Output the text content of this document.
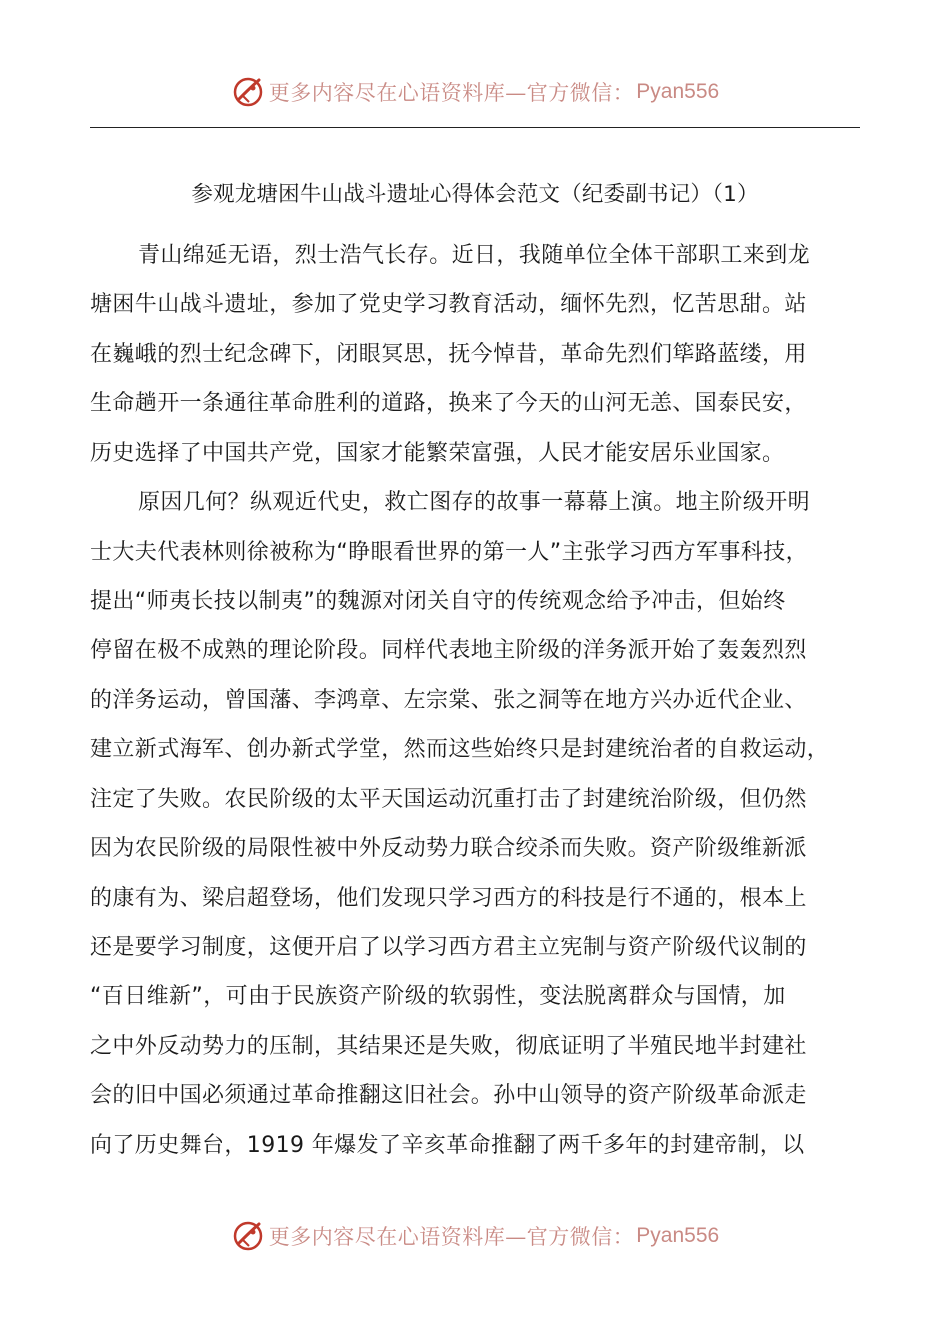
更多内容尽在心语资料库—官方微信： Pyan556
参观龙塘困牛山战斗遗址心得体会范文（纪委副书记）（1）
青山绵延无语，烈士浩气长存。近日，我随单位全体干部职工来到龙
塘困牛山战斗遗址，参加了党史学习教育活动，缅怀先烈，忆苦思甜。站
在巍峨的烈士纪念碑下，闭眼冥思，抚今悼昔，革命先烈们筚路蓝缕，用
生命趟开一条通往革命胜利的道路，换来了今天的山河无恙、国泰民安，
历史选择了中国共产党，国家才能繁荣富强，人民才能安居乐业国家。
原因几何？纵观近代史，救亡图存的故事一幕幕上演。地主阶级开明
士大夫代表林则徐被称为“睁眼看世界的第一人”主张学习西方军事科技，
提出“师夷长技以制夷”的魏源对闭关自守的传统观念给予冲击，但始终
停留在极不成熟的理论阶段。同样代表地主阶级的洋务派开始了轰轰烈烈
的洋务运动，曾国藩、李鸿章、左宗棠、张之洞等在地方兴办近代企业、
建立新式海军、创办新式学堂，然而这些始终只是封建统治者的自救运动，
注定了失败。农民阶级的太平天国运动沉重打击了封建统治阶级，但仍然
因为农民阶级的局限性被中外反动势力联合绞杀而失败。资产阶级维新派
的康有为、梁启超登场，他们发现只学习西方的科技是行不通的，根本上
还是要学习制度，这便开启了以学习西方君主立宪制与资产阶级代议制的
“百日维新”，可由于民族资产阶级的软弱性，变法脱离群众与国情，加
之中外反动势力的压制，其结果还是失败，彻底证明了半殖民地半封建社
会的旧中国必须通过革命推翻这旧社会。孙中山领导的资产阶级革命派走
向了历史舞台，1919 年爆发了辛亥革命推翻了两千多年的封建帝制，以
更多内容尽在心语资料库—官方微信： Pyan556
